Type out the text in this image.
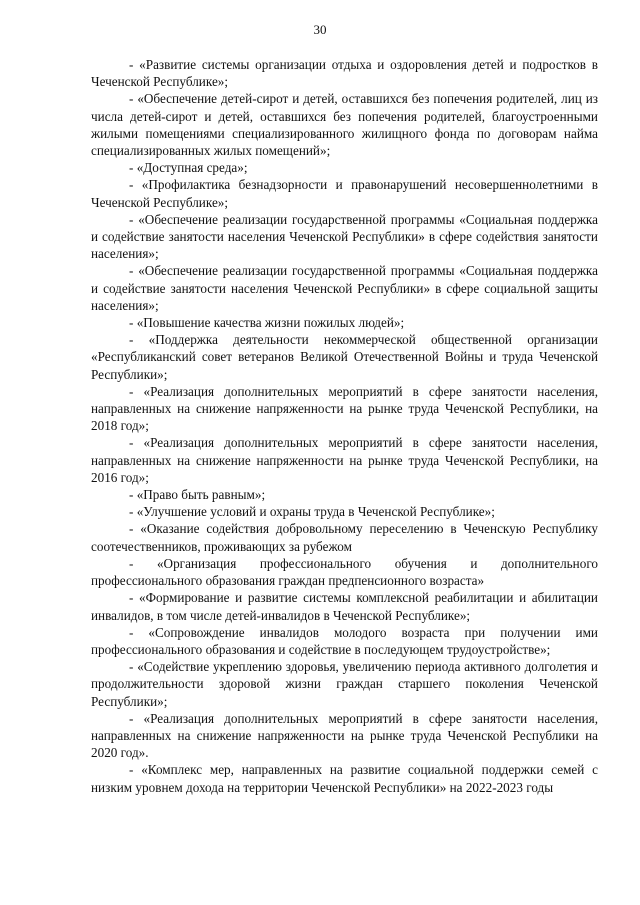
30

- «Развитие системы организации отдыха и оздоровления детей и подростков в Чеченской Республике»;

- «Обеспечение детей-сирот и детей, оставшихся без попечения родителей, лиц из числа детей-сирот и детей, оставшихся без попечения родителей, благоустроенными жилыми помещениями специализированного жилищного фонда по договорам найма специализированных жилых помещений»;

- «Доступная среда»;

- «Профилактика безнадзорности и правонарушений несовершеннолетними в Чеченской Республике»;

- «Обеспечение реализации государственной программы «Социальная поддержка и содействие занятости населения Чеченской Республики» в сфере содействия занятости населения»;

- «Обеспечение реализации государственной программы «Социальная поддержка и содействие занятости населения Чеченской Республики» в сфере социальной защиты населения»;

- «Повышение качества жизни пожилых людей»;

- «Поддержка деятельности некоммерческой общественной организации «Республиканский совет ветеранов Великой Отечественной Войны и труда Чеченской Республики»;

- «Реализация дополнительных мероприятий в сфере занятости населения, направленных на снижение напряженности на рынке труда Чеченской Республики, на 2018 год»;

- «Реализация дополнительных мероприятий в сфере занятости населения, направленных на снижение напряженности на рынке труда Чеченской Республики, на 2016 год»;

- «Право быть равным»;

- «Улучшение условий и охраны труда в Чеченской Республике»;

- «Оказание содействия добровольному переселению в Чеченскую Республику соотечественников, проживающих за рубежом

- «Организация профессионального обучения и дополнительного профессионального образования граждан предпенсионного возраста»

- «Формирование и развитие системы комплексной реабилитации и абилитации инвалидов, в том числе детей-инвалидов в Чеченской Республике»;

- «Сопровождение инвалидов молодого возраста при получении ими профессионального образования и содействие в последующем трудоустройстве»;

- «Содействие укреплению здоровья, увеличению периода активного долголетия и продолжительности здоровой жизни граждан старшего поколения Чеченской Республики»;

- «Реализация дополнительных мероприятий в сфере занятости населения, направленных на снижение напряженности на рынке труда Чеченской Республики на 2020 год».

- «Комплекс мер, направленных на развитие социальной поддержки семей с низким уровнем дохода на территории Чеченской Республики» на 2022-2023 годы
